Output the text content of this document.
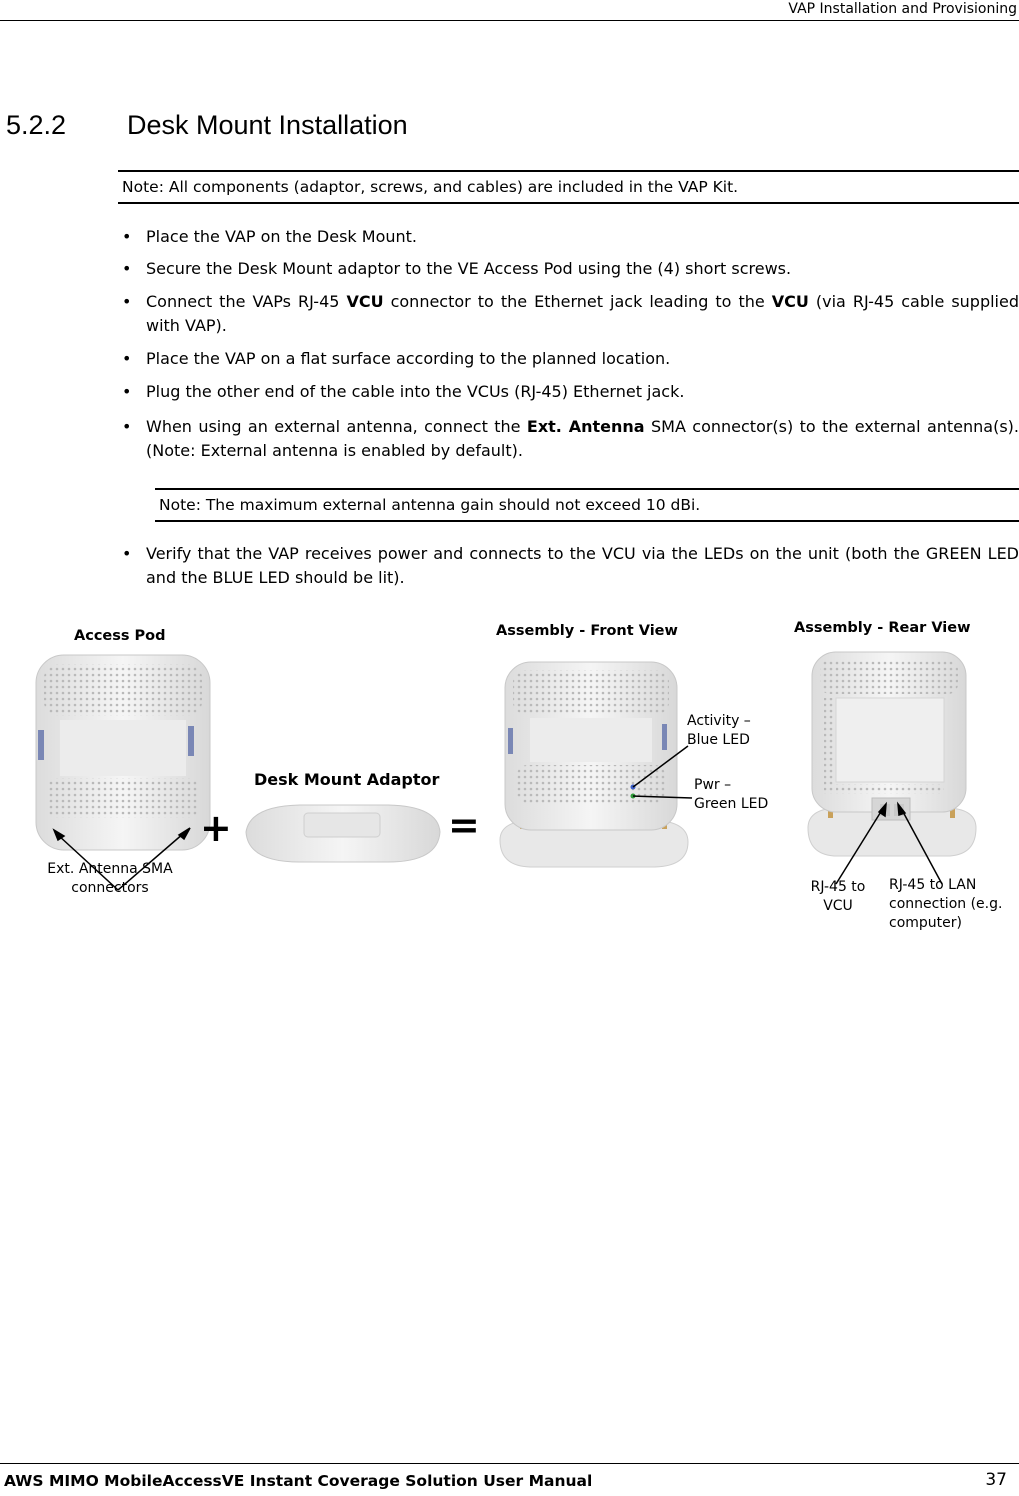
VAP Installation and Provisioning
5.2.2 Desk Mount Installation
Note: All components (adaptor, screws, and cables) are included in the VAP Kit.
• Place the VAP on the Desk Mount.
• Secure the Desk Mount adaptor to the VE Access Pod using the (4) short screws.
• Connect the VAPs RJ-45 VCU connector to the Ethernet jack leading to the VCU (via RJ-45 cable supplied with VAP).
• Place the VAP on a flat surface according to the planned location.
• Plug the other end of the cable into the VCUs (RJ-45) Ethernet jack.
• When using an external antenna, connect the Ext. Antenna SMA connector(s) to the external antenna(s). (Note: External antenna is enabled by default).
Note: The maximum external antenna gain should not exceed 10 dBi.
• Verify that the VAP receives power and connects to the VCU via the LEDs on the unit (both the GREEN LED and the BLUE LED should be lit).
Access Pod	Assembly - Front View	Assembly - Rear View
Desk Mount Adaptor
+	=
Ext. Antenna SMA
connectors
Activity –
Blue LED
Pwr –
Green LED
RJ-45 to
VCU
RJ-45 to LAN
connection (e.g.
computer)
AWS MIMO MobileAccessVE Instant Coverage Solution User Manual	37
